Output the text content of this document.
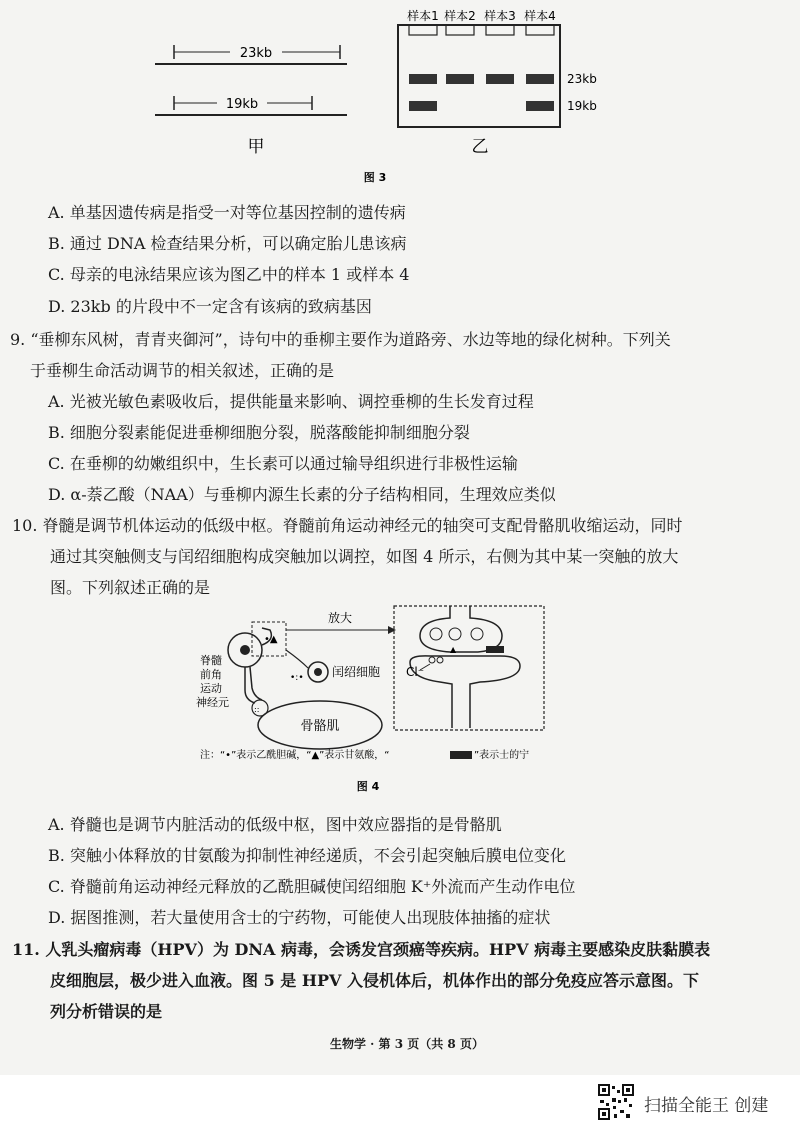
23kb
19kb
甲
样本1 样本2 样本3 样本4
23kb
19kb
乙
图 3
A. 单基因遗传病是指受一对等位基因控制的遗传病
B. 通过 DNA 检查结果分析，可以确定胎儿患该病
C. 母亲的电泳结果应该为图乙中的样本 1 或样本 4
D. 23kb 的片段中不一定含有该病的致病基因
9. “垂柳东风树，青青夹御河”，诗句中的垂柳主要作为道路旁、水边等地的绿化树种。下列关
于垂柳生命活动调节的相关叙述，正确的是
A. 光被光敏色素吸收后，提供能量来影响、调控垂柳的生长发育过程
B. 细胞分裂素能促进垂柳细胞分裂，脱落酸能抑制细胞分裂
C. 在垂柳的幼嫩组织中，生长素可以通过输导组织进行非极性运输
D. α-萘乙酸（NAA）与垂柳内源生长素的分子结构相同，生理效应类似
10. 脊髓是调节机体运动的低级中枢。脊髓前角运动神经元的轴突可支配骨骼肌收缩运动，同时
通过其突触侧支与闰绍细胞构成突触加以调控，如图 4 所示，右侧为其中某一突触的放大
图。下列叙述正确的是
•▲
放大
•:• 闰绍细胞
脊髓
前角
运动
神经元
::
骨骼肌
▲
Cl⁻
注：“•”表示乙酰胆碱，“▲”表示甘氨酸，“	”表示士的宁
图 4
A. 脊髓也是调节内脏活动的低级中枢，图中效应器指的是骨骼肌
B. 突触小体释放的甘氨酸为抑制性神经递质，不会引起突触后膜电位变化
C. 脊髓前角运动神经元释放的乙酰胆碱使闰绍细胞 K⁺外流而产生动作电位
D. 据图推测，若大量使用含士的宁药物，可能使人出现肢体抽搐的症状
11. 人乳头瘤病毒（HPV）为 DNA 病毒，会诱发宫颈癌等疾病。HPV 病毒主要感染皮肤黏膜表
皮细胞层，极少进入血液。图 5 是 HPV 入侵机体后，机体作出的部分免疫应答示意图。下
列分析错误的是
生物学 · 第 3 页（共 8 页）
扫描全能王 创建
